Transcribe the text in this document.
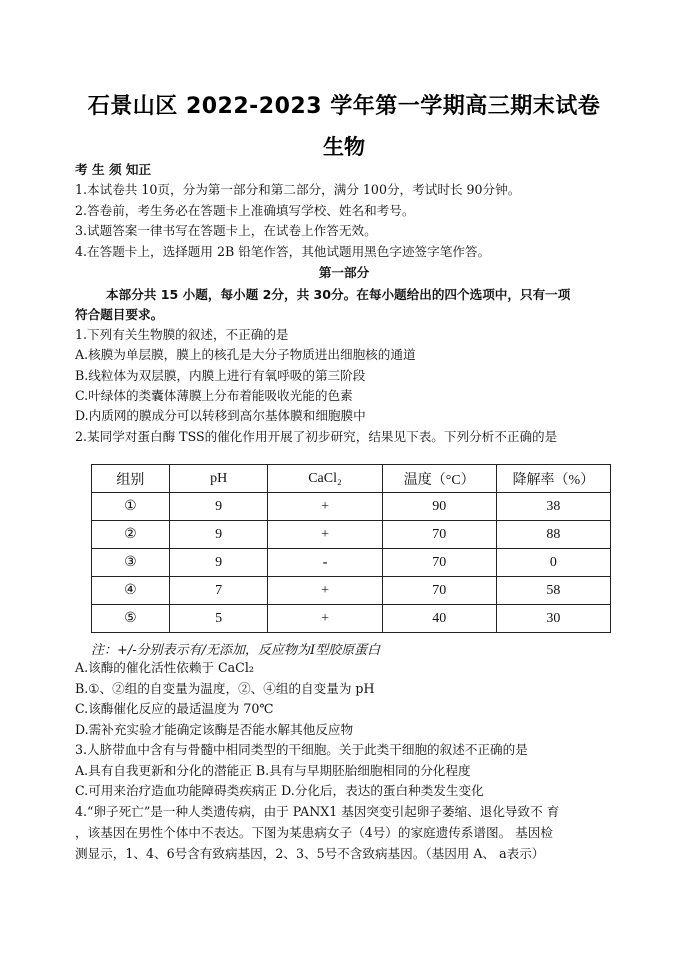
石景山区 2022-2023 学年第一学期高三期末试卷
生物
考 生 须 知正
1.本试卷共 10页，分为第一部分和第二部分，满分 100分，考试时长 90分钟。
2.答卷前，考生务必在答题卡上准确填写学校、姓名和考号。
3.试题答案一律书写在答题卡上，在试卷上作答无效。
4.在答题卡上，选择题用 2B 铅笔作答，其他试题用黑色字迹签字笔作答。
第一部分
本部分共 15 小题，每小题 2分，共 30分。在每小题给出的四个选项中，只有一项
符合题目要求。
1.下列有关生物膜的叙述，不正确的是
A.核膜为单层膜，膜上的核孔是大分子物质进出细胞核的通道
B.线粒体为双层膜，内膜上进行有氧呼吸的第三阶段
C.叶绿体的类囊体薄膜上分布着能吸收光能的色素
D.内质网的膜成分可以转移到高尔基体膜和细胞膜中
2.某同学对蛋白酶 TSS的催化作用开展了初步研究，结果见下表。下列分析不正确的是
组别	pH	CaCl₂	温度（°C）	降解率（%）
①	9	+	90	38
②	9	+	70	88
③	9	-	70	0
④	7	+	70	58
⑤	5	+	40	30
注：+/-分别表示有/无添加，反应物为Ⅰ型胶原蛋白
A.该酶的催化活性依赖于 CaCl₂
B.①、②组的自变量为温度，②、④组的自变量为 pH
C.该酶催化反应的最适温度为 70℃
D.需补充实验才能确定该酶是否能水解其他反应物
3.人脐带血中含有与骨髓中相同类型的干细胞。关于此类干细胞的叙述不正确的是
A.具有自我更新和分化的潜能正 B.具有与早期胚胎细胞相同的分化程度
C.可用来治疗造血功能障碍类疾病正 D.分化后，表达的蛋白种类发生变化
4.“卵子死亡”是一种人类遗传病，由于 PANX1 基因突变引起卵子萎缩、退化导致不 育
，该基因在男性个体中不表达。下图为某患病女子（4号）的家庭遗传系谱图。 基因检
测显示，1、4、6号含有致病基因，2、3、5号不含致病基因。（基因用 A、 a表示）
